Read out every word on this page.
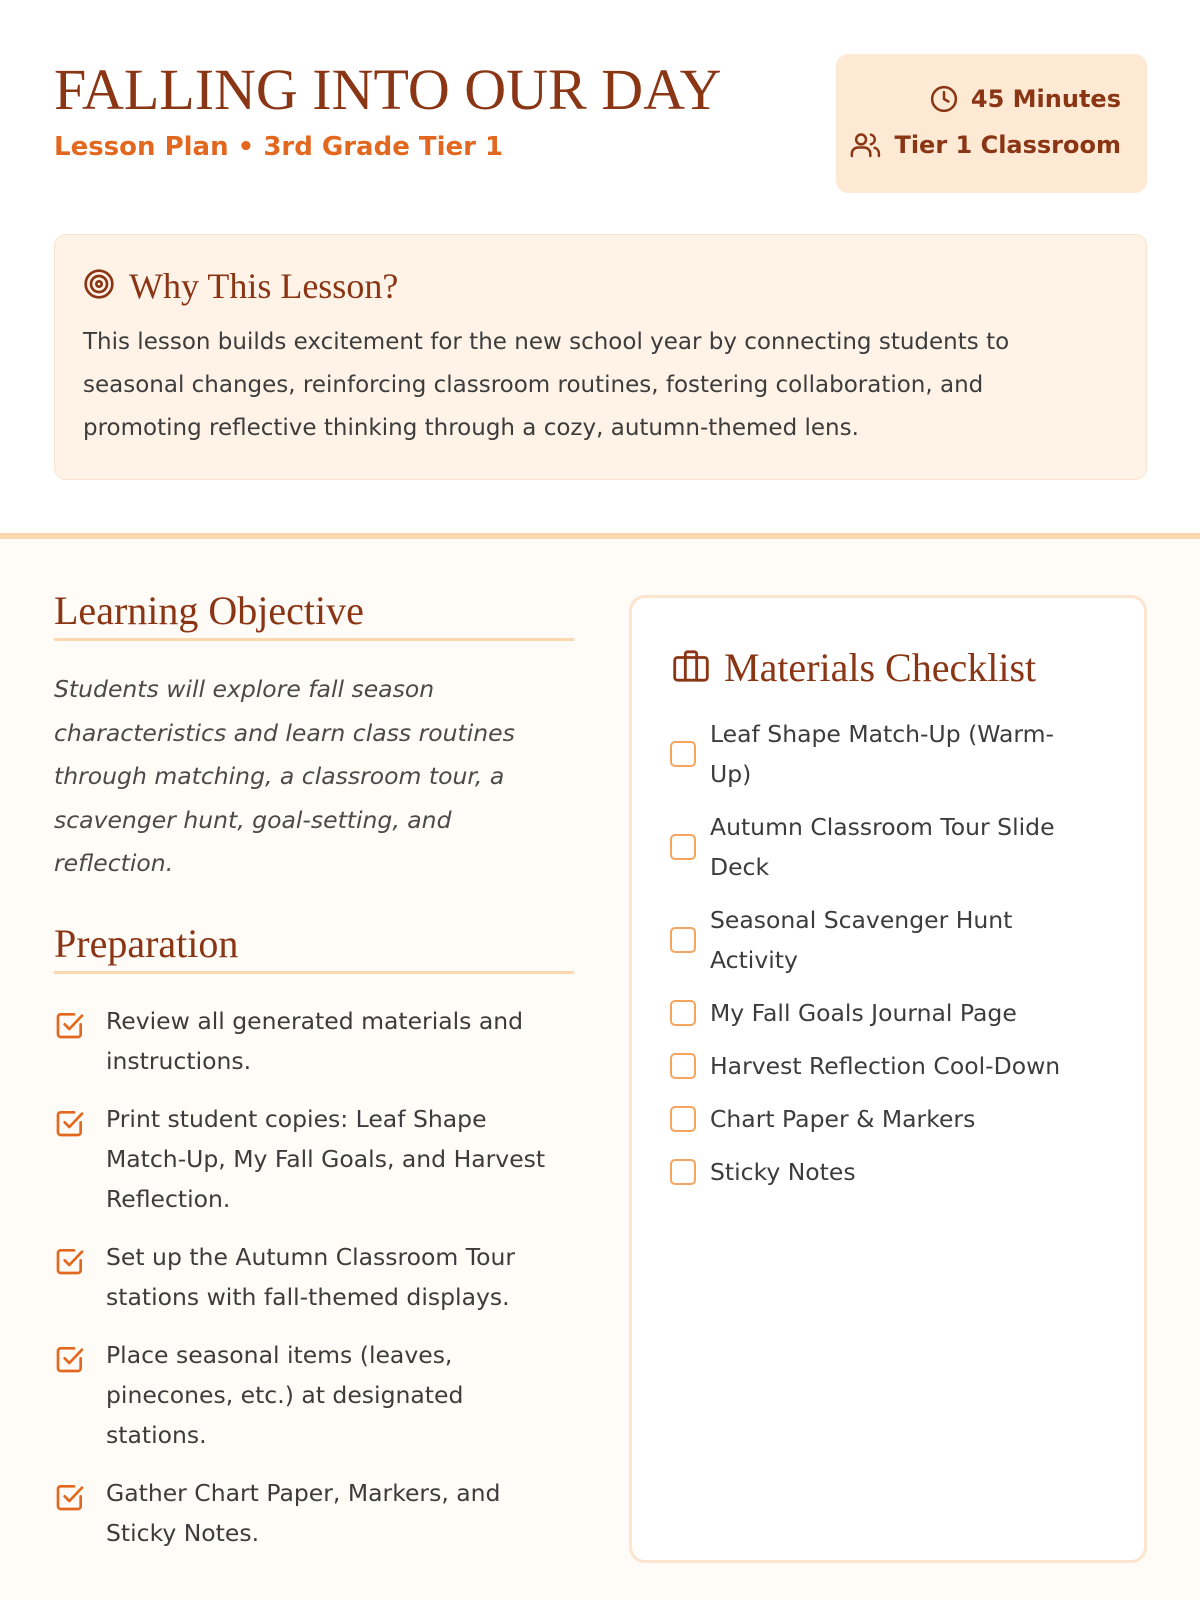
FALLING INTO OUR DAY
Lesson Plan • 3rd Grade Tier 1
45 Minutes
Tier 1 Classroom
Why This Lesson?

This lesson builds excitement for the new school year by connecting students to seasonal changes, reinforcing classroom routines, fostering collaboration, and promoting reflective thinking through a cozy, autumn-themed lens.

Learning Objective

Students will explore fall season characteristics and learn class routines through matching, a classroom tour, a scavenger hunt, goal-setting, and reflection.

Preparation
Review all generated materials and instructions.
Print student copies: Leaf Shape Match-Up, My Fall Goals, and Harvest Reflection.
Set up the Autumn Classroom Tour stations with fall-themed displays.
Place seasonal items (leaves, pinecones, etc.) at designated stations.
Gather Chart Paper, Markers, and Sticky Notes.
Materials Checklist
Leaf Shape Match-Up (Warm-Up)
Autumn Classroom Tour Slide Deck
Seasonal Scavenger Hunt Activity
My Fall Goals Journal Page
Harvest Reflection Cool-Down
Chart Paper & Markers
Sticky Notes
